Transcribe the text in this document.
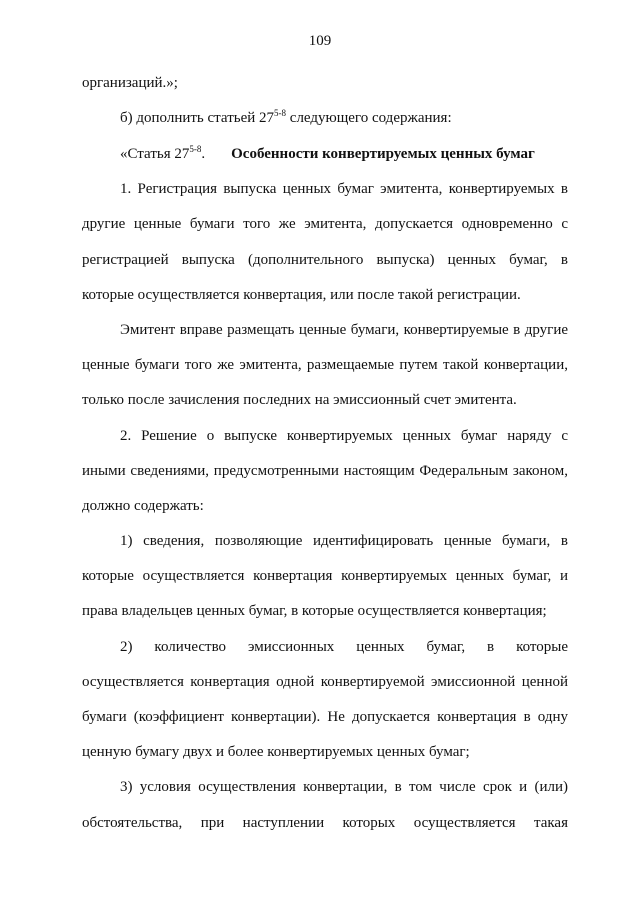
109
организаций.»;
б) дополнить статьей 27$^{5-8}$ следующего содержания:
«Статья 27$^{5-8}$. Особенности конвертируемых ценных бумаг
1. Регистрация выпуска ценных бумаг эмитента, конвертируемых в
другие ценные бумаги того же эмитента, допускается одновременно с
регистрацией выпуска (дополнительного выпуска) ценных бумаг, в
которые осуществляется конвертация, или после такой регистрации.
Эмитент вправе размещать ценные бумаги, конвертируемые в другие
ценные бумаги того же эмитента, размещаемые путем такой конвертации,
только после зачисления последних на эмиссионный счет эмитента.
2. Решение о выпуске конвертируемых ценных бумаг наряду с
иными сведениями, предусмотренными настоящим Федеральным законом,
должно содержать:
1) сведения, позволяющие идентифицировать ценные бумаги, в
которые осуществляется конвертация конвертируемых ценных бумаг, и
права владельцев ценных бумаг, в которые осуществляется конвертация;
2) количество эмиссионных ценных бумаг, в которые
осуществляется конвертация одной конвертируемой эмиссионной ценной
бумаги (коэффициент конвертации). Не допускается конвертация в одну
ценную бумагу двух и более конвертируемых ценных бумаг;
3) условия осуществления конвертации, в том числе срок и (или)
обстоятельства, при наступлении которых осуществляется такая
